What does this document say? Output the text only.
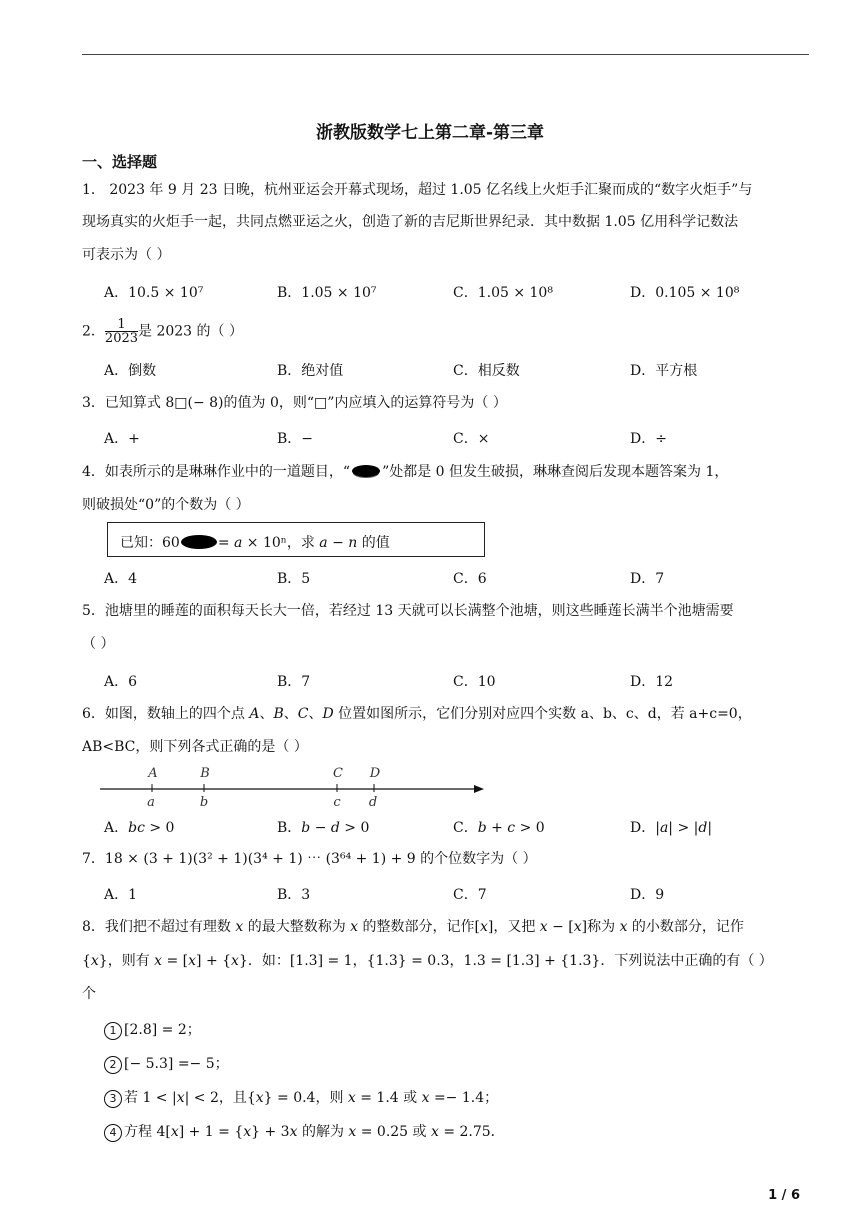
浙教版数学七上第二章-第三章
一、选择题
1． 2023 年 9 月 23 日晚，杭州亚运会开幕式现场，超过 1.05 亿名线上火炬手汇聚而成的“数字火炬手”与
现场真实的火炬手一起，共同点燃亚运之火，创造了新的吉尼斯世界纪录．其中数据 1.05 亿用科学记数法
可表示为（ ）
A．10.5 × 10⁷	B．1.05 × 10⁷	C．1.05 × 10⁸	D．0.105 × 10⁸
2． $\frac{1}{2023}$ 是 2023 的（ ）
A．倒数	B．绝对值	C．相反数	D．平方根
3．已知算式 8□(− 8)的值为 0，则“□”内应填入的运算符号为（ ）
A．+	B．−	C．×	D．÷
4．如表所示的是琳琳作业中的一道题目，“ ”处都是 0 但发生破损，琳琳查阅后发现本题答案为 1，
则破损处“0”的个数为（ ）
已知：60	= 𝑎 × 10ⁿ，求 𝑎 − 𝑛 的值
A．4	B．5	C．6	D．7
5．池塘里的睡莲的面积每天长大一倍，若经过 13 天就可以长满整个池塘，则这些睡莲长满半个池塘需要
（ ）
A．6	B．7	C．10	D．12
6．如图，数轴上的四个点 𝐴、𝐵、𝐶、𝐷 位置如图所示，它们分别对应四个实数 a、b、c、d，若 a+c=0，
AB<BC，则下列各式正确的是（ ）
A	B	C D
a	b	c d
A．𝑏𝑐 > 0	B．𝑏 − 𝑑 > 0	C．𝑏 + 𝑐 > 0	D．|𝑎| > |𝑑|
7．18 × (3 + 1)(3² + 1)(3⁴ + 1) ⋯ (3⁶⁴ + 1) + 9 的个位数字为（ ）
A．1	B．3	C．7	D．9
8．我们把不超过有理数 𝑥 的最大整数称为 𝑥 的整数部分，记作[𝑥]，又把 𝑥 − [𝑥]称为 𝑥 的小数部分，记作
{𝑥}，则有 𝑥 = [𝑥] + {𝑥}．如：[1.3] = 1，{1.3} = 0.3，1.3 = [1.3] + {1.3}．下列说法中正确的有（ ）
个
1 [2.8] = 2；
2 [− 5.3] =− 5；
3 若 1 < |𝑥| < 2，且{𝑥} = 0.4，则 𝑥 = 1.4 或 𝑥 =− 1.4；
4 方程 4[𝑥] + 1 = {𝑥} + 3𝑥 的解为 𝑥 = 0.25 或 𝑥 = 2.75．
1 / 6
